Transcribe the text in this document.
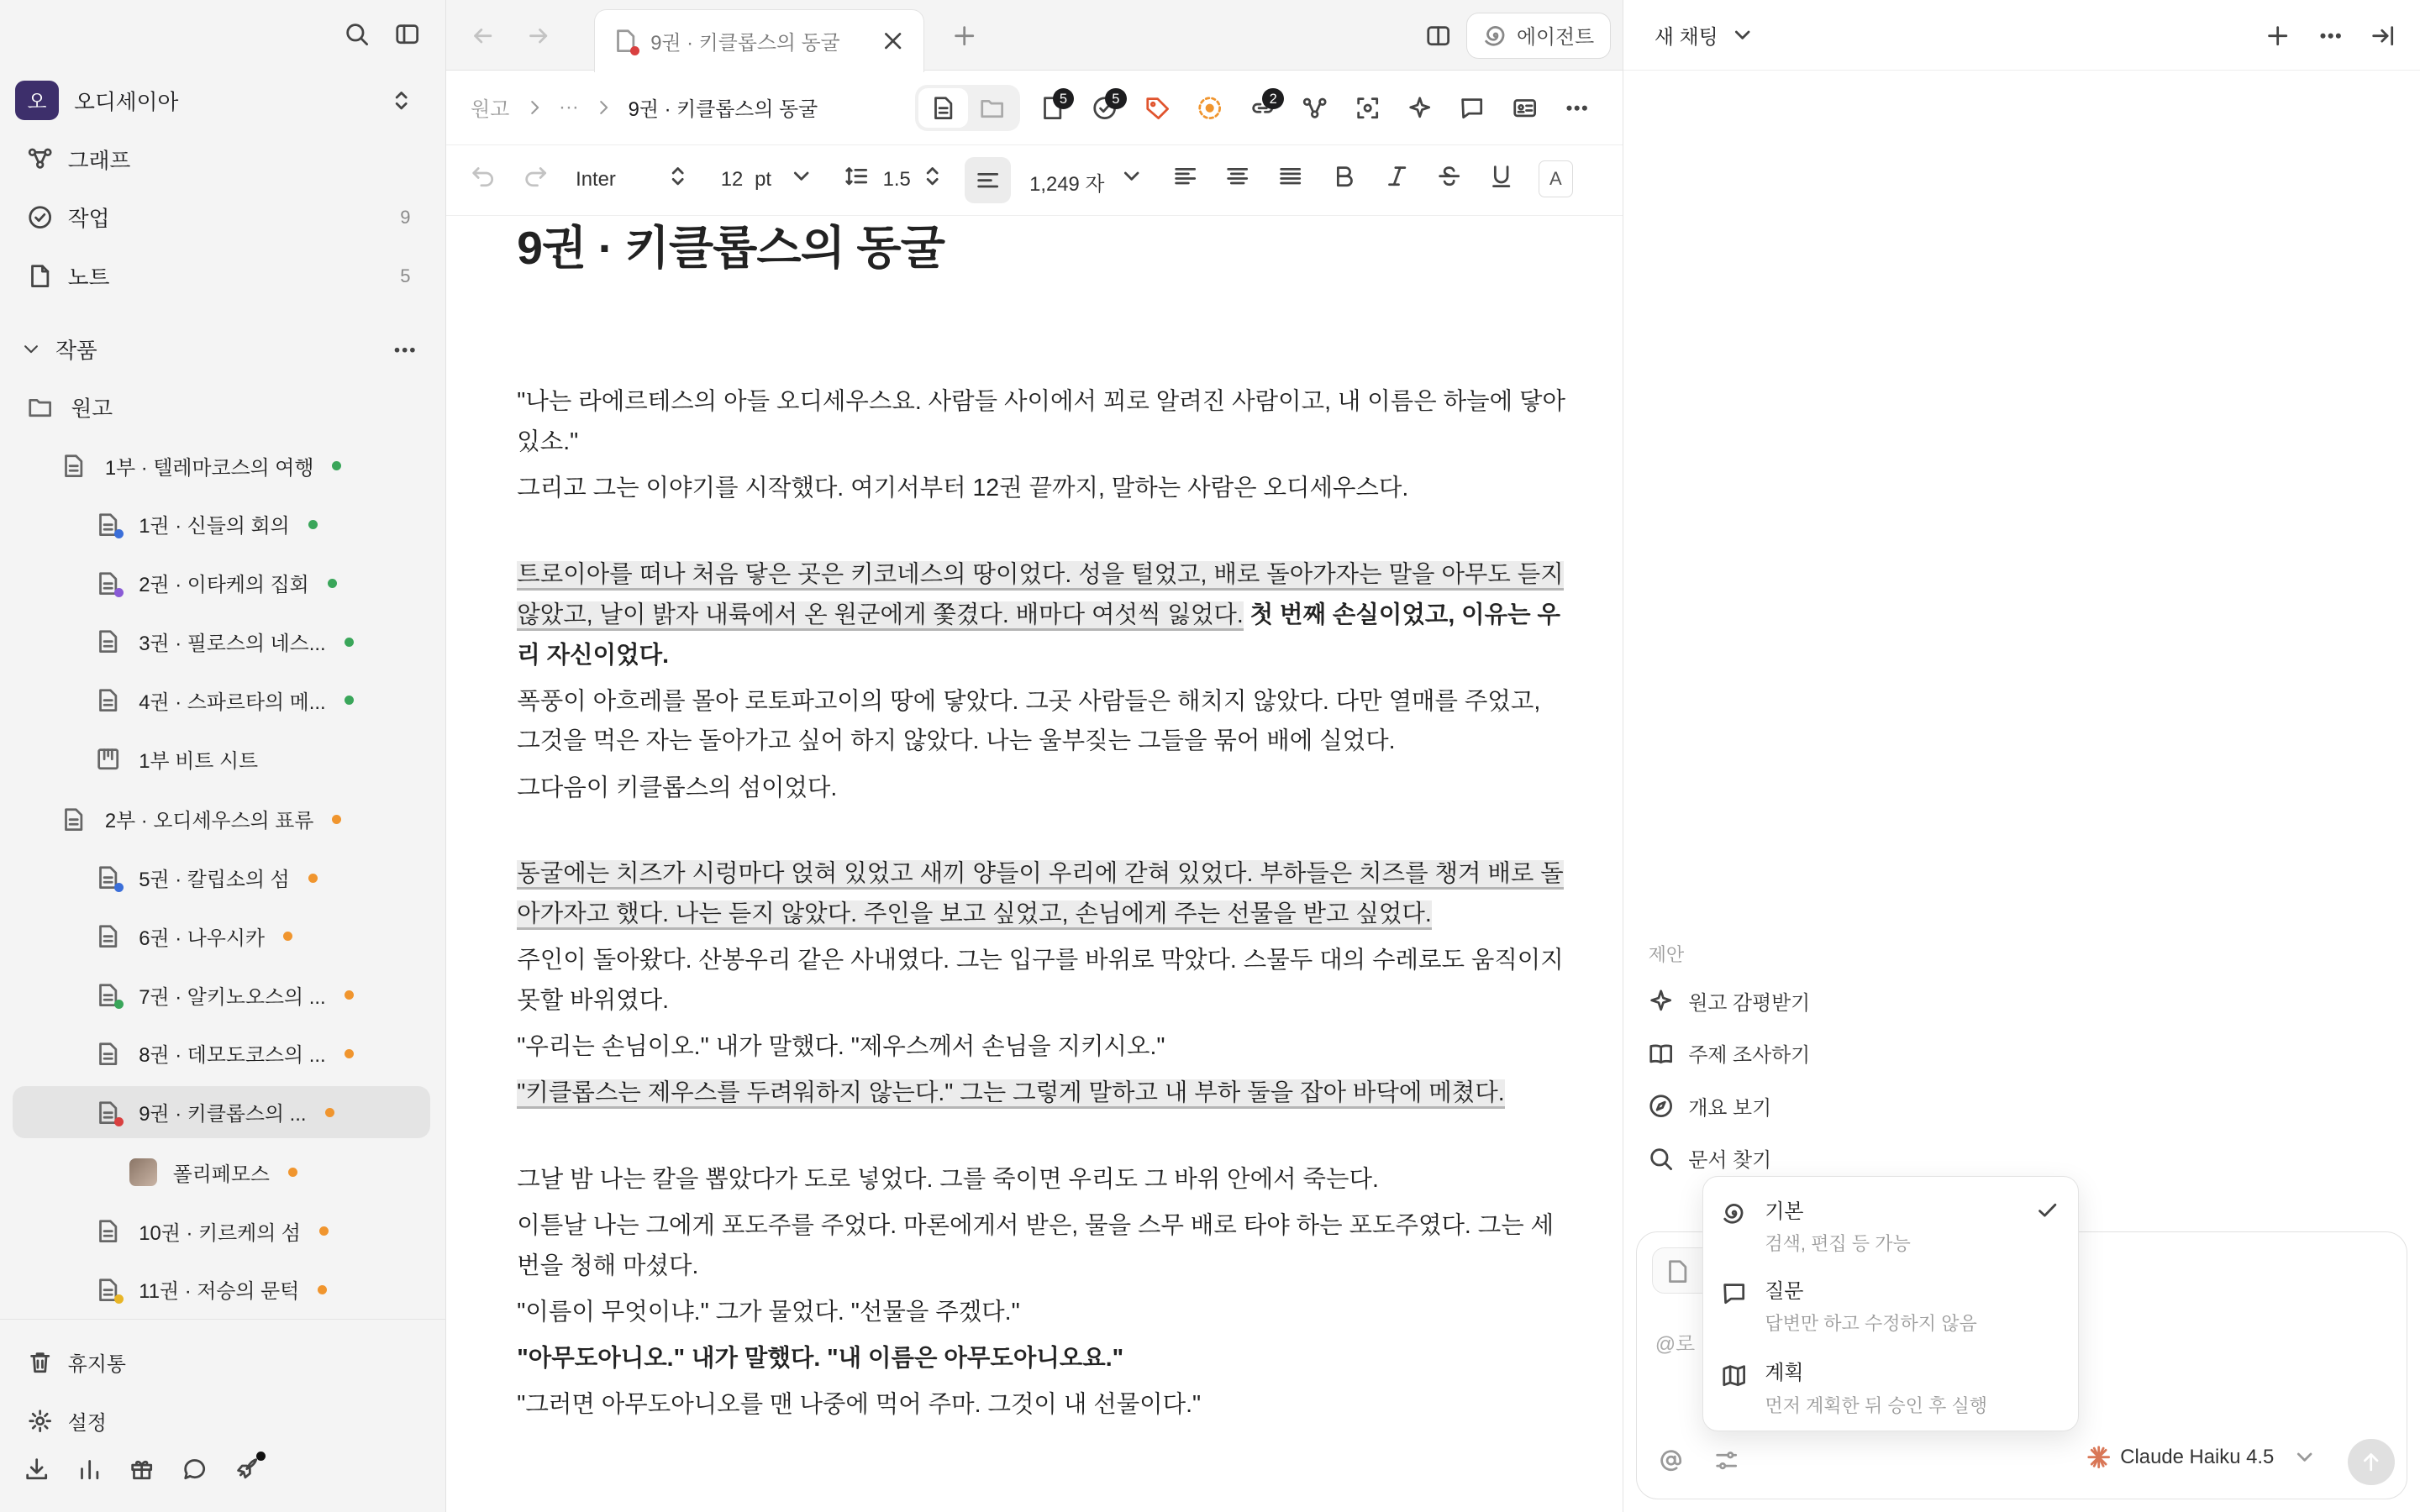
오	오디세이아
그래프
작업	9
노트	5
작품
원고
1부 · 텔레마코스의 여행
1권 · 신들의 회의
2권 · 이타케의 집회
3권 · 필로스의 네스...
4권 · 스파르타의 메...
1부 비트 시트
2부 · 오디세우스의 표류
5권 · 칼립소의 섬
6권 · 나우시카
7권 · 알키노오스의 ...
8권 · 데모도코스의 ...
9권 · 키클롭스의 ...
폴리페모스
10권 · 키르케의 섬
11권 · 저승의 문턱
휴지통
설정
9권 · 키클롭스의 동굴	에이전트
원고	···	9권 · 키클롭스의 동굴
5	5	2
Inter	12 pt	1.5	1,249 자	A
9권 · 키클롭스의 동굴

"나는 라에르테스의 아들 오디세우스요. 사람들 사이에서 꾀로 알려진 사람이고, 내 이름은 하늘에 닿아 있소."

그리고 그는 이야기를 시작했다. 여기서부터 12권 끝까지, 말하는 사람은 오디세우스다.

트로이아를 떠나 처음 닿은 곳은 키코네스의 땅이었다. 성을 털었고, 배로 돌아가자는 말을 아무도 듣지 않았고, 날이 밝자 내륙에서 온 원군에게 쫓겼다. 배마다 여섯씩 잃었다. 첫 번째 손실이었고, 이유는 우리 자신이었다.

폭풍이 아흐레를 몰아 로토파고이의 땅에 닿았다. 그곳 사람들은 해치지 않았다. 다만 열매를 주었고, 그것을 먹은 자는 돌아가고 싶어 하지 않았다. 나는 울부짖는 그들을 묶어 배에 실었다.

그다음이 키클롭스의 섬이었다.

동굴에는 치즈가 시렁마다 얹혀 있었고 새끼 양들이 우리에 갇혀 있었다. 부하들은 치즈를 챙겨 배로 돌아가자고 했다. 나는 듣지 않았다. 주인을 보고 싶었고, 손님에게 주는 선물을 받고 싶었다.

주인이 돌아왔다. 산봉우리 같은 사내였다. 그는 입구를 바위로 막았다. 스물두 대의 수레로도 움직이지 못할 바위였다.

"우리는 손님이오." 내가 말했다. "제우스께서 손님을 지키시오."

"키클롭스는 제우스를 두려워하지 않는다." 그는 그렇게 말하고 내 부하 둘을 잡아 바닥에 메쳤다.

그날 밤 나는 칼을 뽑았다가 도로 넣었다. 그를 죽이면 우리도 그 바위 안에서 죽는다.

이튿날 나는 그에게 포도주를 주었다. 마론에게서 받은, 물을 스무 배로 타야 하는 포도주였다. 그는 세 번을 청해 마셨다.

"이름이 무엇이냐." 그가 물었다. "선물을 주겠다."

"아무도아니오." 내가 말했다. "내 이름은 아무도아니오요."

"그러면 아무도아니오를 맨 나중에 먹어 주마. 그것이 내 선물이다."

새 채팅
제안
원고 감평받기
주제 조사하기
개요 보기
문서 찾기
@로
Claude Haiku 4.5
기본
검색, 편집 등 가능
질문
답변만 하고 수정하지 않음
계획
먼저 계획한 뒤 승인 후 실행
